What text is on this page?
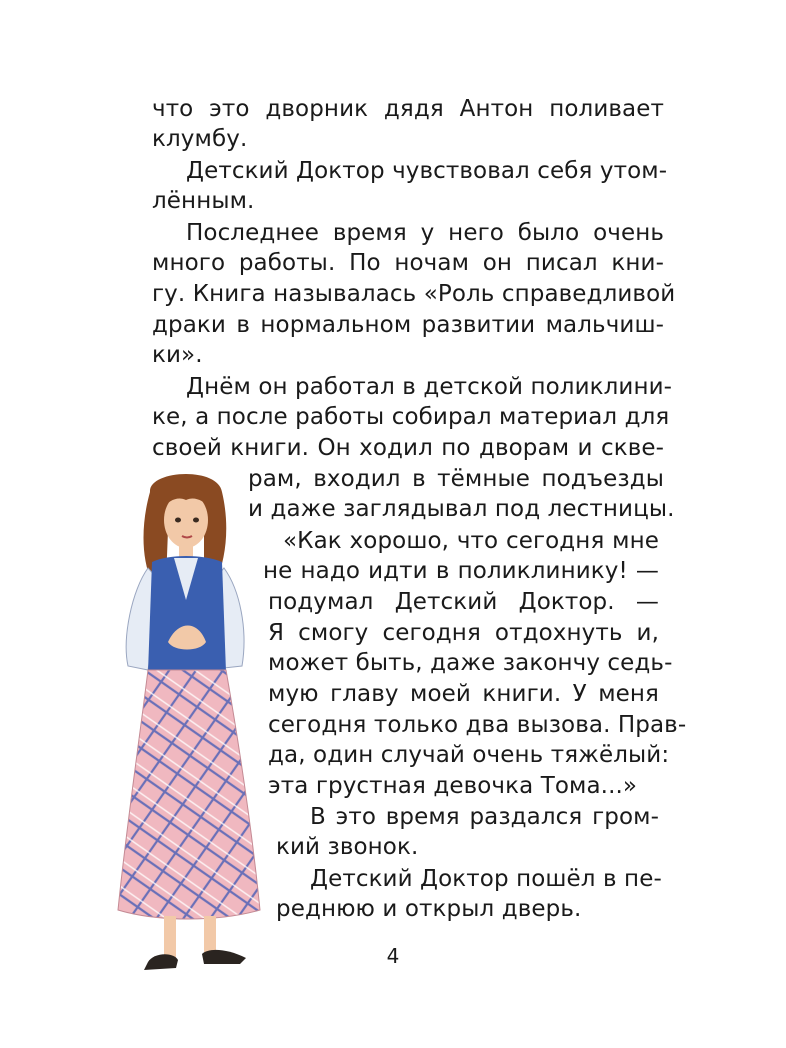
что это дворник дядя Антон поливает
клумбу.
Детский Доктор чувствовал себя утом-
лённым.
Последнее время у него было очень
много работы. По ночам он писал кни-
гу. Книга называлась «Роль справедливой
драки в нормальном развитии мальчиш-
ки».
Днём он работал в детской поликлини-
ке, а после работы собирал материал для
своей книги. Он ходил по дворам и скве-
рам, входил в тёмные подъезды
и даже заглядывал под лестницы.
«Как хорошо, что сегодня мне
не надо идти в поликлинику! —
подумал Детский Доктор. —
Я смогу сегодня отдохнуть и,
может быть, даже закончу седь-
мую главу моей книги. У меня
сегодня только два вызова. Прав-
да, один случай очень тяжёлый:
эта грустная девочка Тома...»
В это время раздался гром-
кий звонок.
Детский Доктор пошёл в пе-
реднюю и открыл дверь.
4
